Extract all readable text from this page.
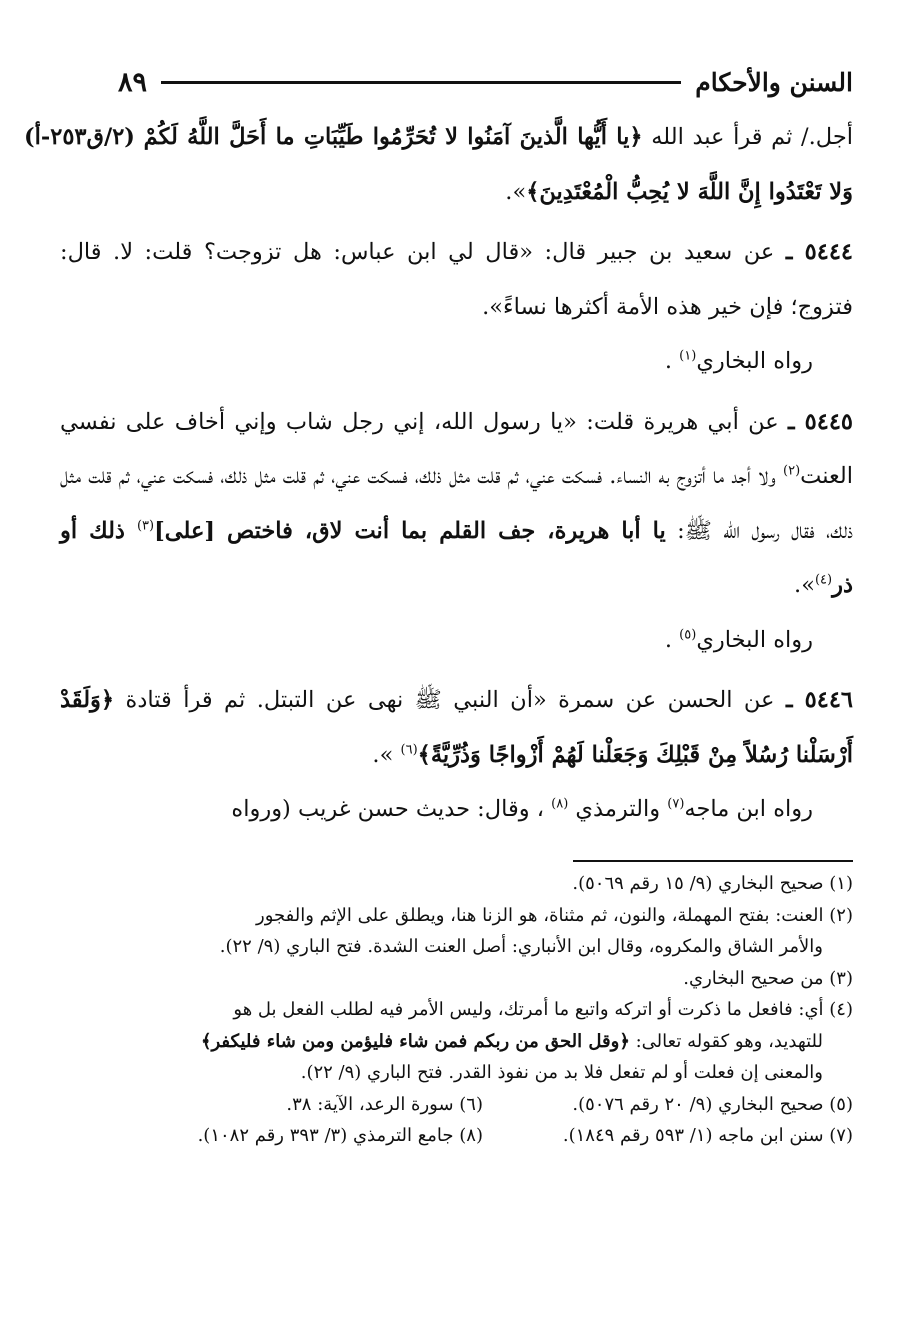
السنن والأحكام
٨٩

أجل./ ثم قرأ عبد الله ﴿يا أَيُّها الَّذينَ آمَنُوا لا تُحَرِّمُوا طَيِّبَاتِ ما أَحَلَّ اللَّهُ لَكُمْ (٢/ق٢٥٣-أ) وَلا تَعْتَدُوا إِنَّ اللَّهَ لا يُحِبُّ الْمُعْتَدِينَ﴾».

٥٤٤٤ ـ عن سعيد بن جبير قال: «قال لي ابن عباس: هل تزوجت؟ قلت: لا. قال: فتزوج؛ فإن خير هذه الأمة أكثرها نساءً».

رواه البخاري$^{(١)}$ .

٥٤٤٥ ـ عن أبي هريرة قلت: «يا رسول الله، إني رجل شاب وإني أخاف على نفسي العنت$^{(٢)}$ ولا أجد ما أتزوج به النساء. فسكت عني، ثم قلت مثل ذلك، فسكت عني، ثم قلت مثل ذلك، فسكت عني، ثم قلت مثل ذلك، فقال رسول الله ﷺ: يا أبا هريرة، جف القلم بما أنت لاق، فاختص [على]$^{(٣)}$ ذلك أو ذر$^{(٤)}$».

رواه البخاري$^{(٥)}$ .

٥٤٤٦ ـ عن الحسن عن سمرة «أن النبي ﷺ نهى عن التبتل. ثم قرأ قتادة ﴿وَلَقَدْ أَرْسَلْنا رُسُلاً مِنْ قَبْلِكَ وَجَعَلْنا لَهُمْ أَزْواجًا وَذُرِّيَّةً﴾$^{(٦)}$ ».

رواه ابن ماجه$^{(٧)}$ والترمذي $^{(٨)}$ ، وقال: حديث حسن غريب (ورواه

(١) صحيح البخاري (٩/ ١٥ رقم ٥٠٦٩).

(٢) العنت: بفتح المهملة، والنون، ثم مثناة، هو الزنا هنا، ويطلق على الإثم والفجور
والأمر الشاق والمكروه، وقال ابن الأنباري: أصل العنت الشدة. فتح الباري (٩/ ٢٢).

(٣) من صحيح البخاري.

(٤) أي: فافعل ما ذكرت أو اتركه واتبع ما أمرتك، وليس الأمر فيه لطلب الفعل بل هو
للتهديد، وهو كقوله تعالى: ﴿وقل الحق من ربكم فمن شاء فليؤمن ومن شاء فليكفر﴾
والمعنى إن فعلت أو لم تفعل فلا بد من نفوذ القدر. فتح الباري (٩/ ٢٢).

(٥) صحيح البخاري (٩/ ٢٠ رقم ٥٠٧٦).
(٦) سورة الرعد، الآية: ٣٨.
(٧) سنن ابن ماجه (١/ ٥٩٣ رقم ١٨٤٩).
(٨) جامع الترمذي (٣/ ٣٩٣ رقم ١٠٨٢).
